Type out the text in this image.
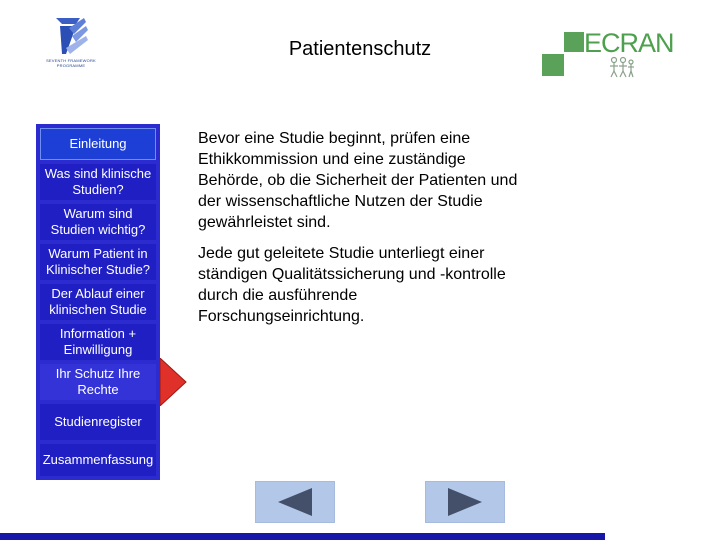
SEVENTH FRAMEWORK PROGRAMME
Patientenschutz	ECRAN
Einleitung
Was sind klinische Studien?
Warum sind Studien wichtig?
Warum Patient in Klinischer Studie?
Der Ablauf einer klinischen Studie
Information + Einwilligung
Ihr Schutz Ihre Rechte
Studienregister
Zusammenfassung

Bevor eine Studie beginnt, prüfen eine Ethikkommission und eine zuständige Behörde, ob die Sicherheit der Patienten und der wissenschaftliche Nutzen der Studie gewährleistet sind.

Jede gut geleitete Studie unterliegt einer ständigen Qualitätssicherung und -kontrolle durch die ausführende Forschungseinrichtung.
